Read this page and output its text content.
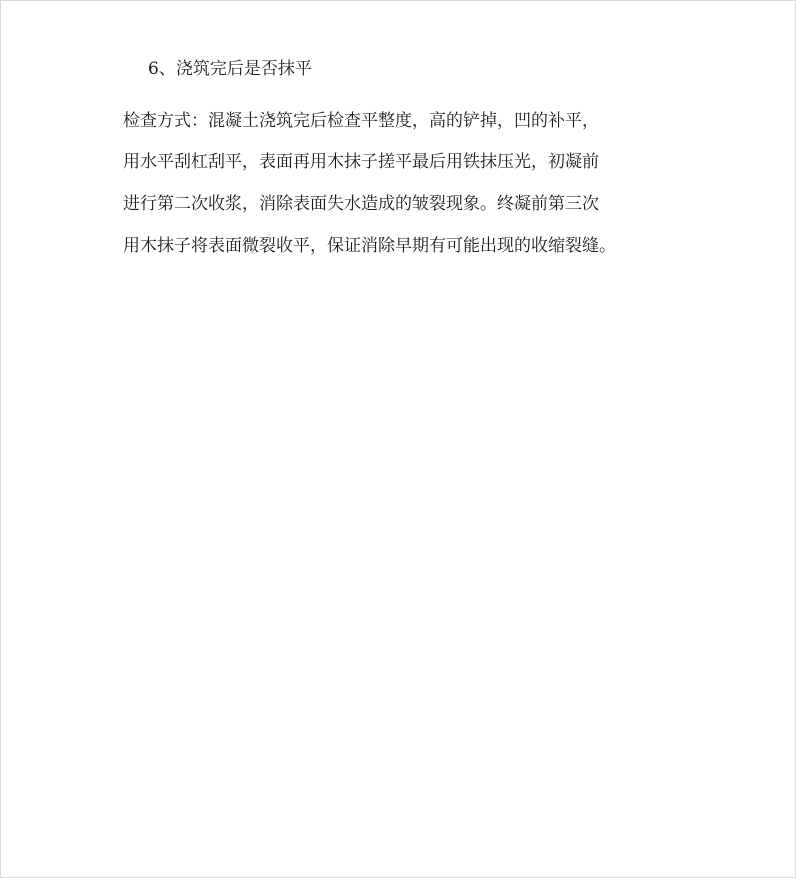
6、浇筑完后是否抹平

检查方式：混凝土浇筑完后检查平整度，高的铲掉，凹的补平，

用水平刮杠刮平，表面再用木抹子搓平最后用铁抹压光，初凝前

进行第二次收浆，消除表面失水造成的皱裂现象。终凝前第三次

用木抹子将表面微裂收平，保证消除早期有可能出现的收缩裂缝。
